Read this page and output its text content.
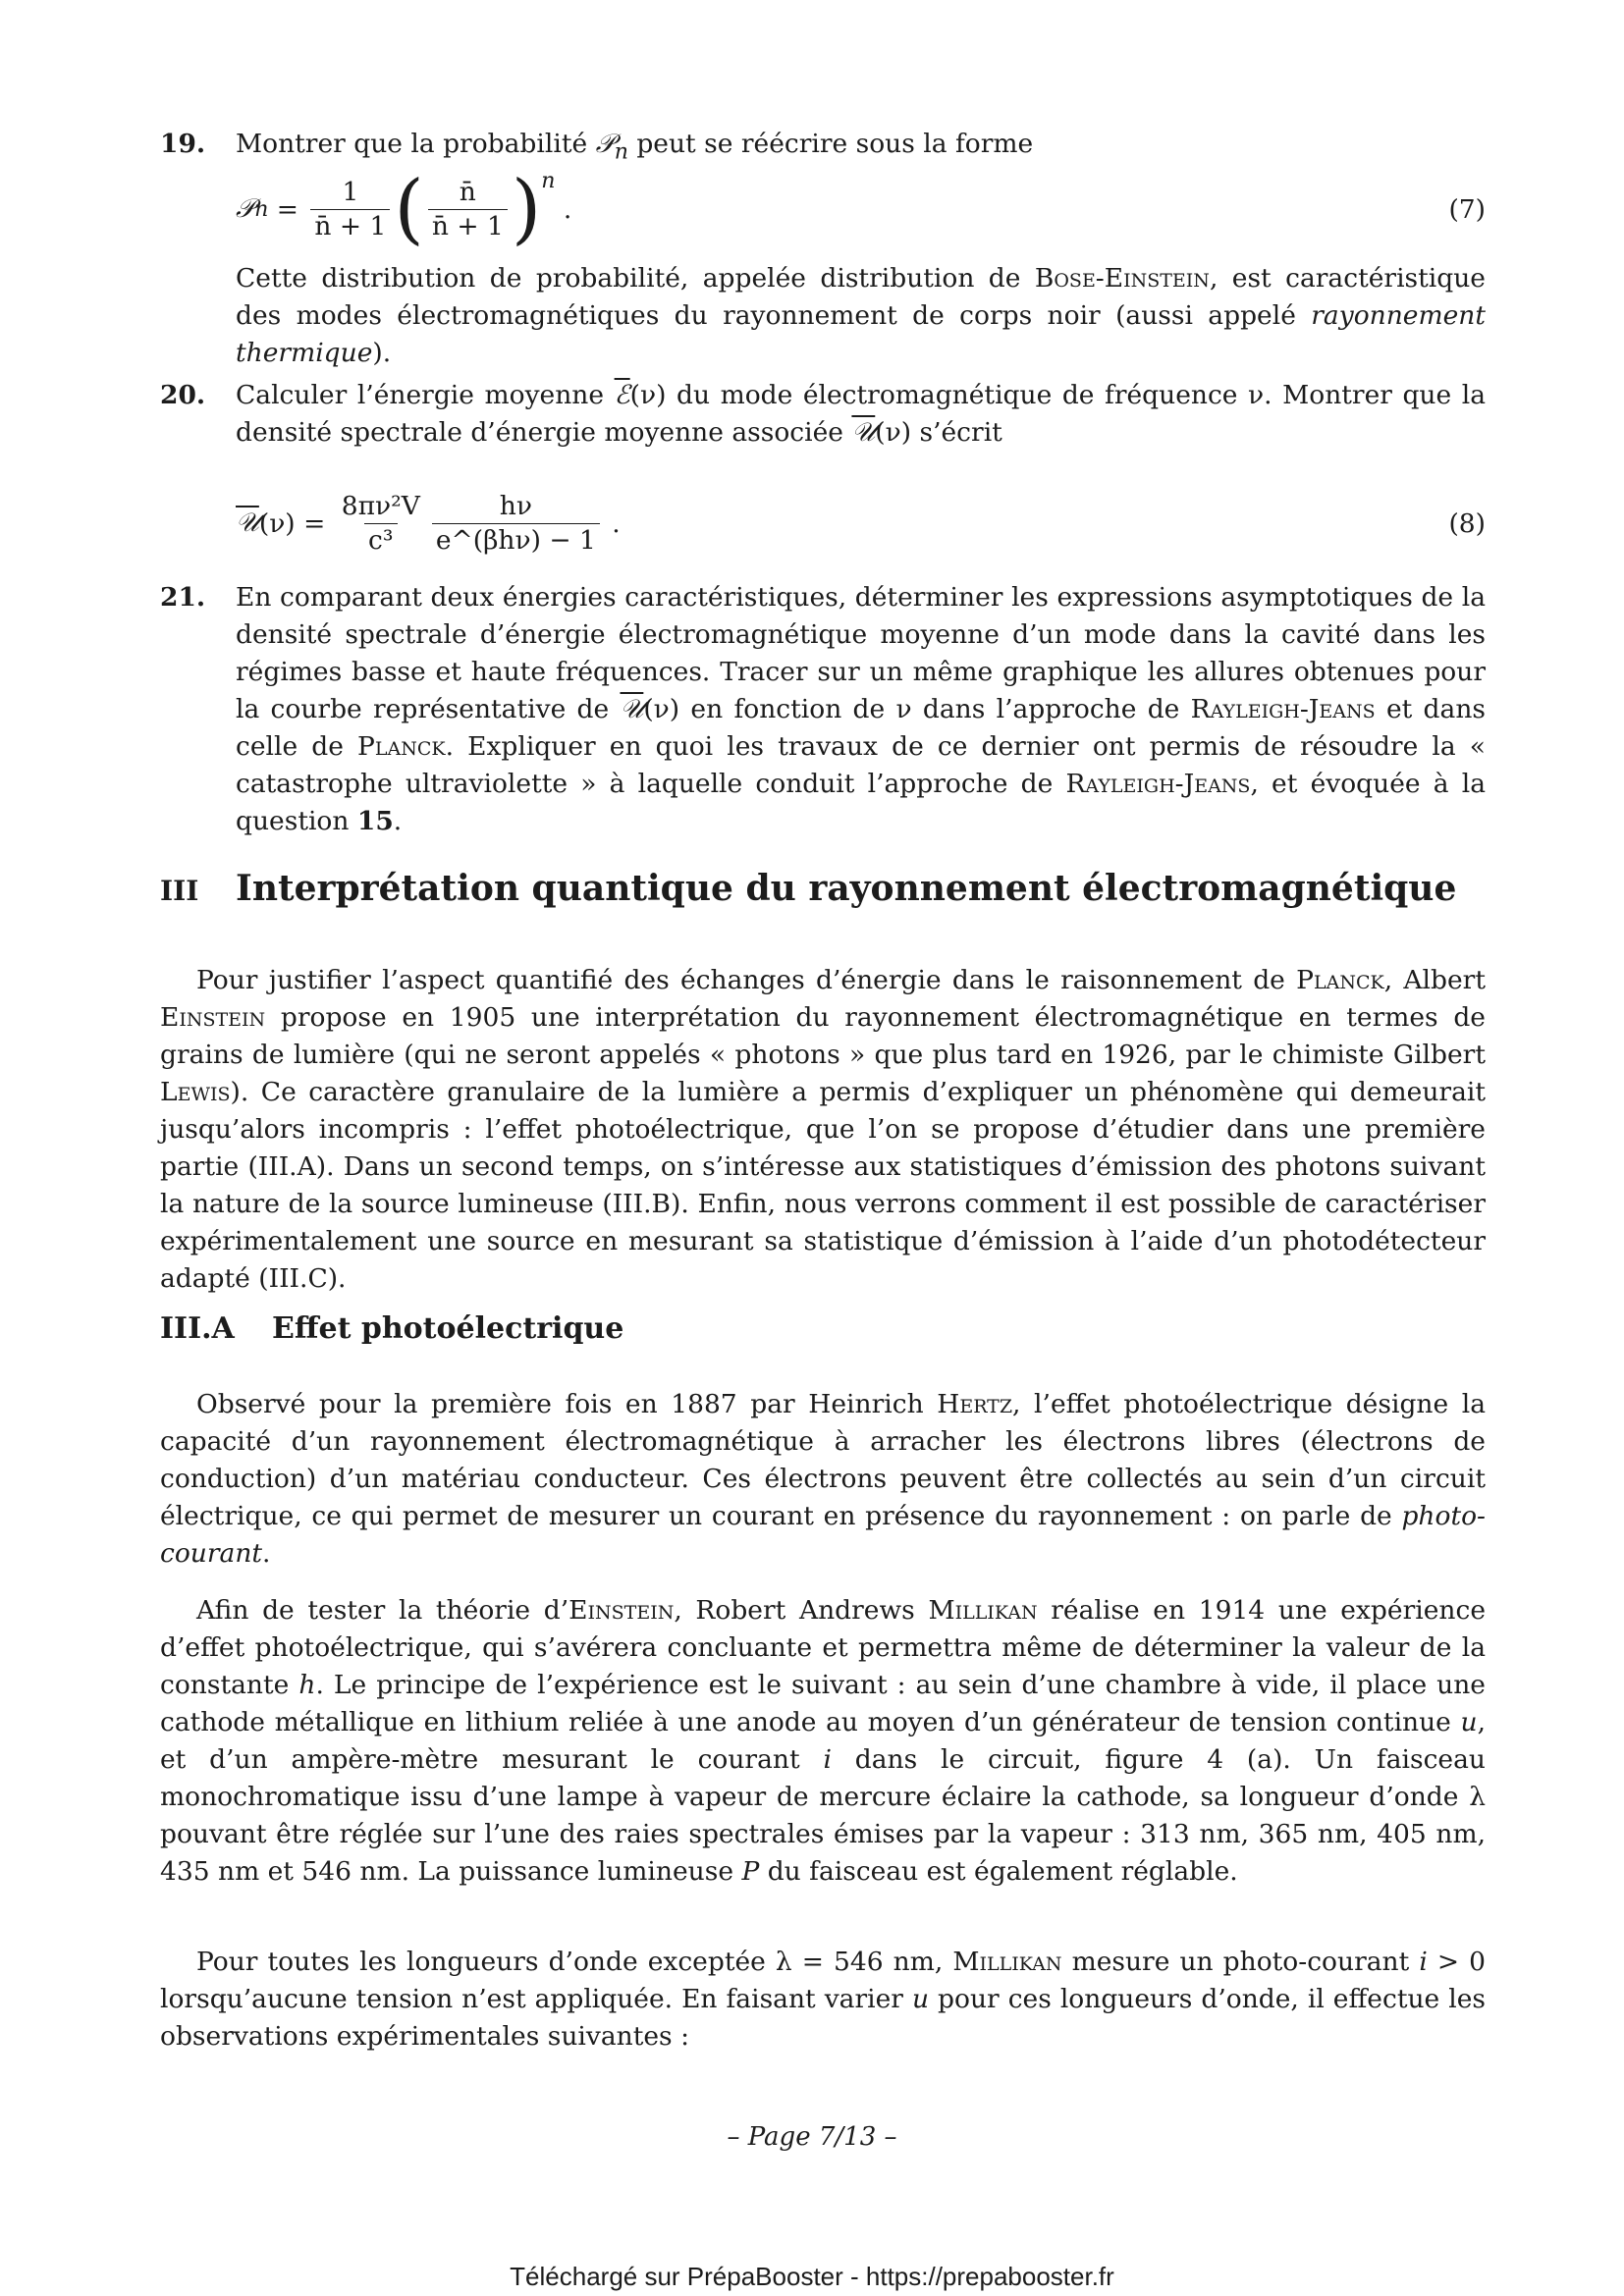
19. Montrer que la probabilité 𝒫$_n$ peut se réécrire sous la forme
𝒫 $n = \frac{1}{n̄ + 1}$ ( $\frac{n̄}{n̄ + 1}$ ) $^n$
.	(7)
Cette distribution de probabilité, appelée distribution de Bose-Einstein, est caractéristique des modes électromagnétiques du rayonnement de corps noir (aussi appelé rayonnement thermique).
20. Calculer l’énergie moyenne ℰ(ν) du mode électromagnétique de fréquence ν. Montrer que la densité spectrale d’énergie moyenne associée 𝒰(ν) s’écrit
𝒰 $(\nu) = \frac{\text{8πν²V}}{\text{c³}} \frac{h\nu}{\text{e\textasciicircum{}(βhν) − 1}}$ .	(8)
21. En comparant deux énergies caractéristiques, déterminer les expressions asymptotiques de la densité spectrale d’énergie électromagnétique moyenne d’un mode dans la cavité dans les régimes basse et haute fréquences. Tracer sur un même graphique les allures obtenues pour la courbe représentative de 𝒰(ν) en fonction de ν dans l’approche de Rayleigh-Jeans et dans celle de Planck. Expliquer en quoi les travaux de ce dernier ont permis de résoudre la « catastrophe ultraviolette » à laquelle conduit l’approche de Rayleigh-Jeans, et évoquée à la question 15.
III Interprétation quantique du rayonnement électromagnétique
Pour justifier l’aspect quantifié des échanges d’énergie dans le raisonnement de Planck, Albert Einstein propose en 1905 une interprétation du rayonnement électromagnétique en termes de grains de lumière (qui ne seront appelés « photons » que plus tard en 1926, par le chimiste Gilbert Lewis). Ce caractère granulaire de la lumière a permis d’expliquer un phénomène qui demeurait jusqu’alors incompris : l’effet photoélectrique, que l’on se propose d’étudier dans une première partie (III.A). Dans un second temps, on s’intéresse aux statistiques d’émission des photons suivant la nature de la source lumineuse (III.B). Enfin, nous verrons comment il est possible de caractériser expérimentalement une source en mesurant sa statistique d’émission à l’aide d’un photodétecteur adapté (III.C).
III.A Effet photoélectrique
Observé pour la première fois en 1887 par Heinrich Hertz, l’effet photoélectrique désigne la capacité d’un rayonnement électromagnétique à arracher les électrons libres (électrons de conduction) d’un matériau conducteur. Ces électrons peuvent être collectés au sein d’un circuit électrique, ce qui permet de mesurer un courant en présence du rayonnement : on parle de photo-courant.
Afin de tester la théorie d’Einstein, Robert Andrews Millikan réalise en 1914 une expérience d’effet photoélectrique, qui s’avérera concluante et permettra même de déterminer la valeur de la constante h. Le principe de l’expérience est le suivant : au sein d’une chambre à vide, il place une cathode métallique en lithium reliée à une anode au moyen d’un générateur de tension continue u, et d’un ampère-mètre mesurant le courant i dans le circuit, figure 4 (a). Un faisceau monochromatique issu d’une lampe à vapeur de mercure éclaire la cathode, sa longueur d’onde λ pouvant être réglée sur l’une des raies spectrales émises par la vapeur : 313 nm, 365 nm, 405 nm, 435 nm et 546 nm. La puissance lumineuse P du faisceau est également réglable.
Pour toutes les longueurs d’onde exceptée λ = 546 nm, Millikan mesure un photo-courant i > 0 lorsqu’aucune tension n’est appliquée. En faisant varier u pour ces longueurs d’onde, il effectue les observations expérimentales suivantes :
– Page 7/13 –
Téléchargé sur PrépaBooster - https://prepabooster.fr
